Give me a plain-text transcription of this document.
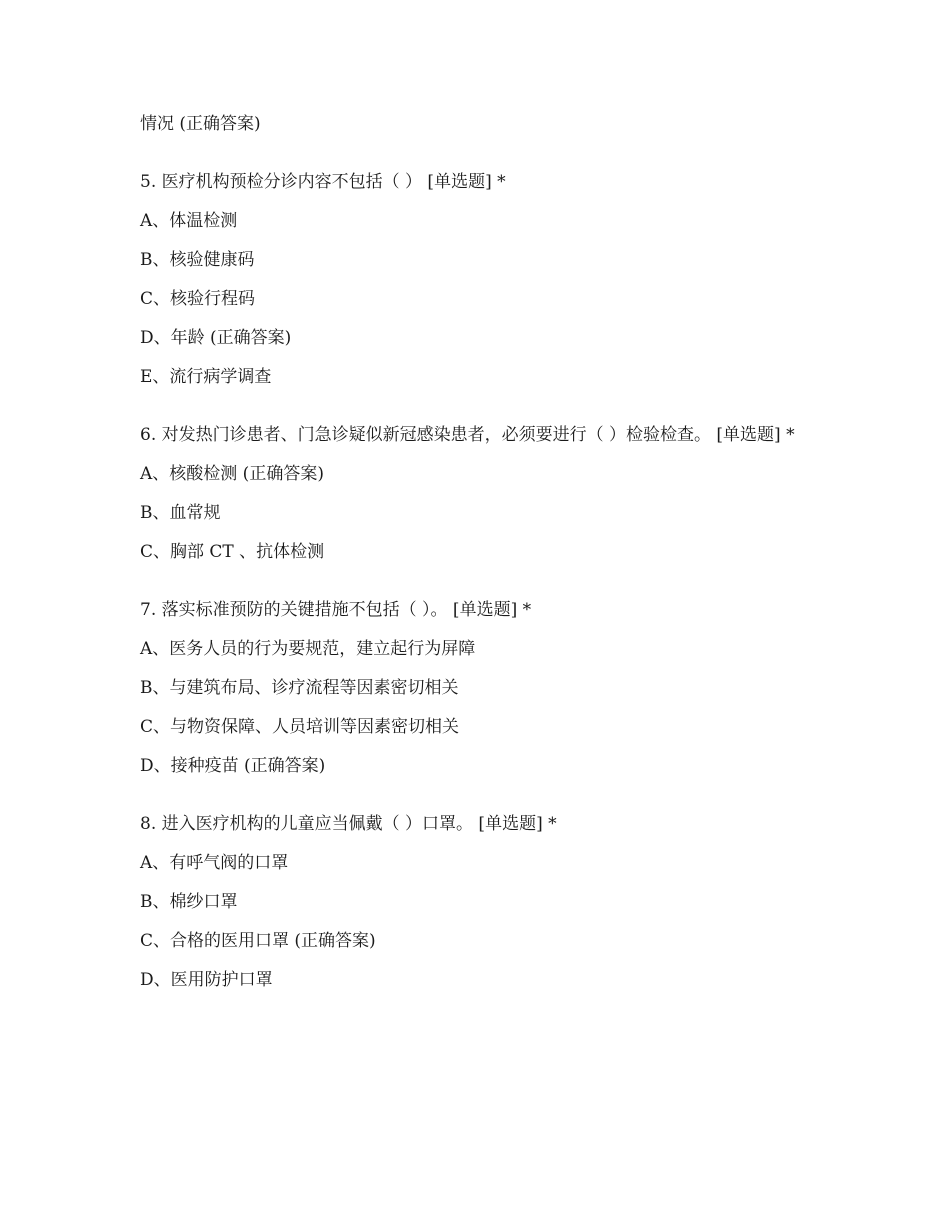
情况 (正确答案)
5. 医疗机构预检分诊内容不包括（ ） [单选题] *
A、体温检测
B、核验健康码
C、核验行程码
D、年龄 (正确答案)
E、流行病学调查
6. 对发热门诊患者、门急诊疑似新冠感染患者，必须要进行（ ）检验检查。 [单选题] *
A、核酸检测 (正确答案)
B、血常规
C、胸部 CT 、抗体检测
7. 落实标准预防的关键措施不包括（ ）。 [单选题] *
A、医务人员的行为要规范，建立起行为屏障
B、与建筑布局、诊疗流程等因素密切相关
C、与物资保障、人员培训等因素密切相关
D、接种疫苗 (正确答案)
8. 进入医疗机构的儿童应当佩戴（ ）口罩。 [单选题] *
A、有呼气阀的口罩
B、棉纱口罩
C、合格的医用口罩 (正确答案)
D、医用防护口罩
